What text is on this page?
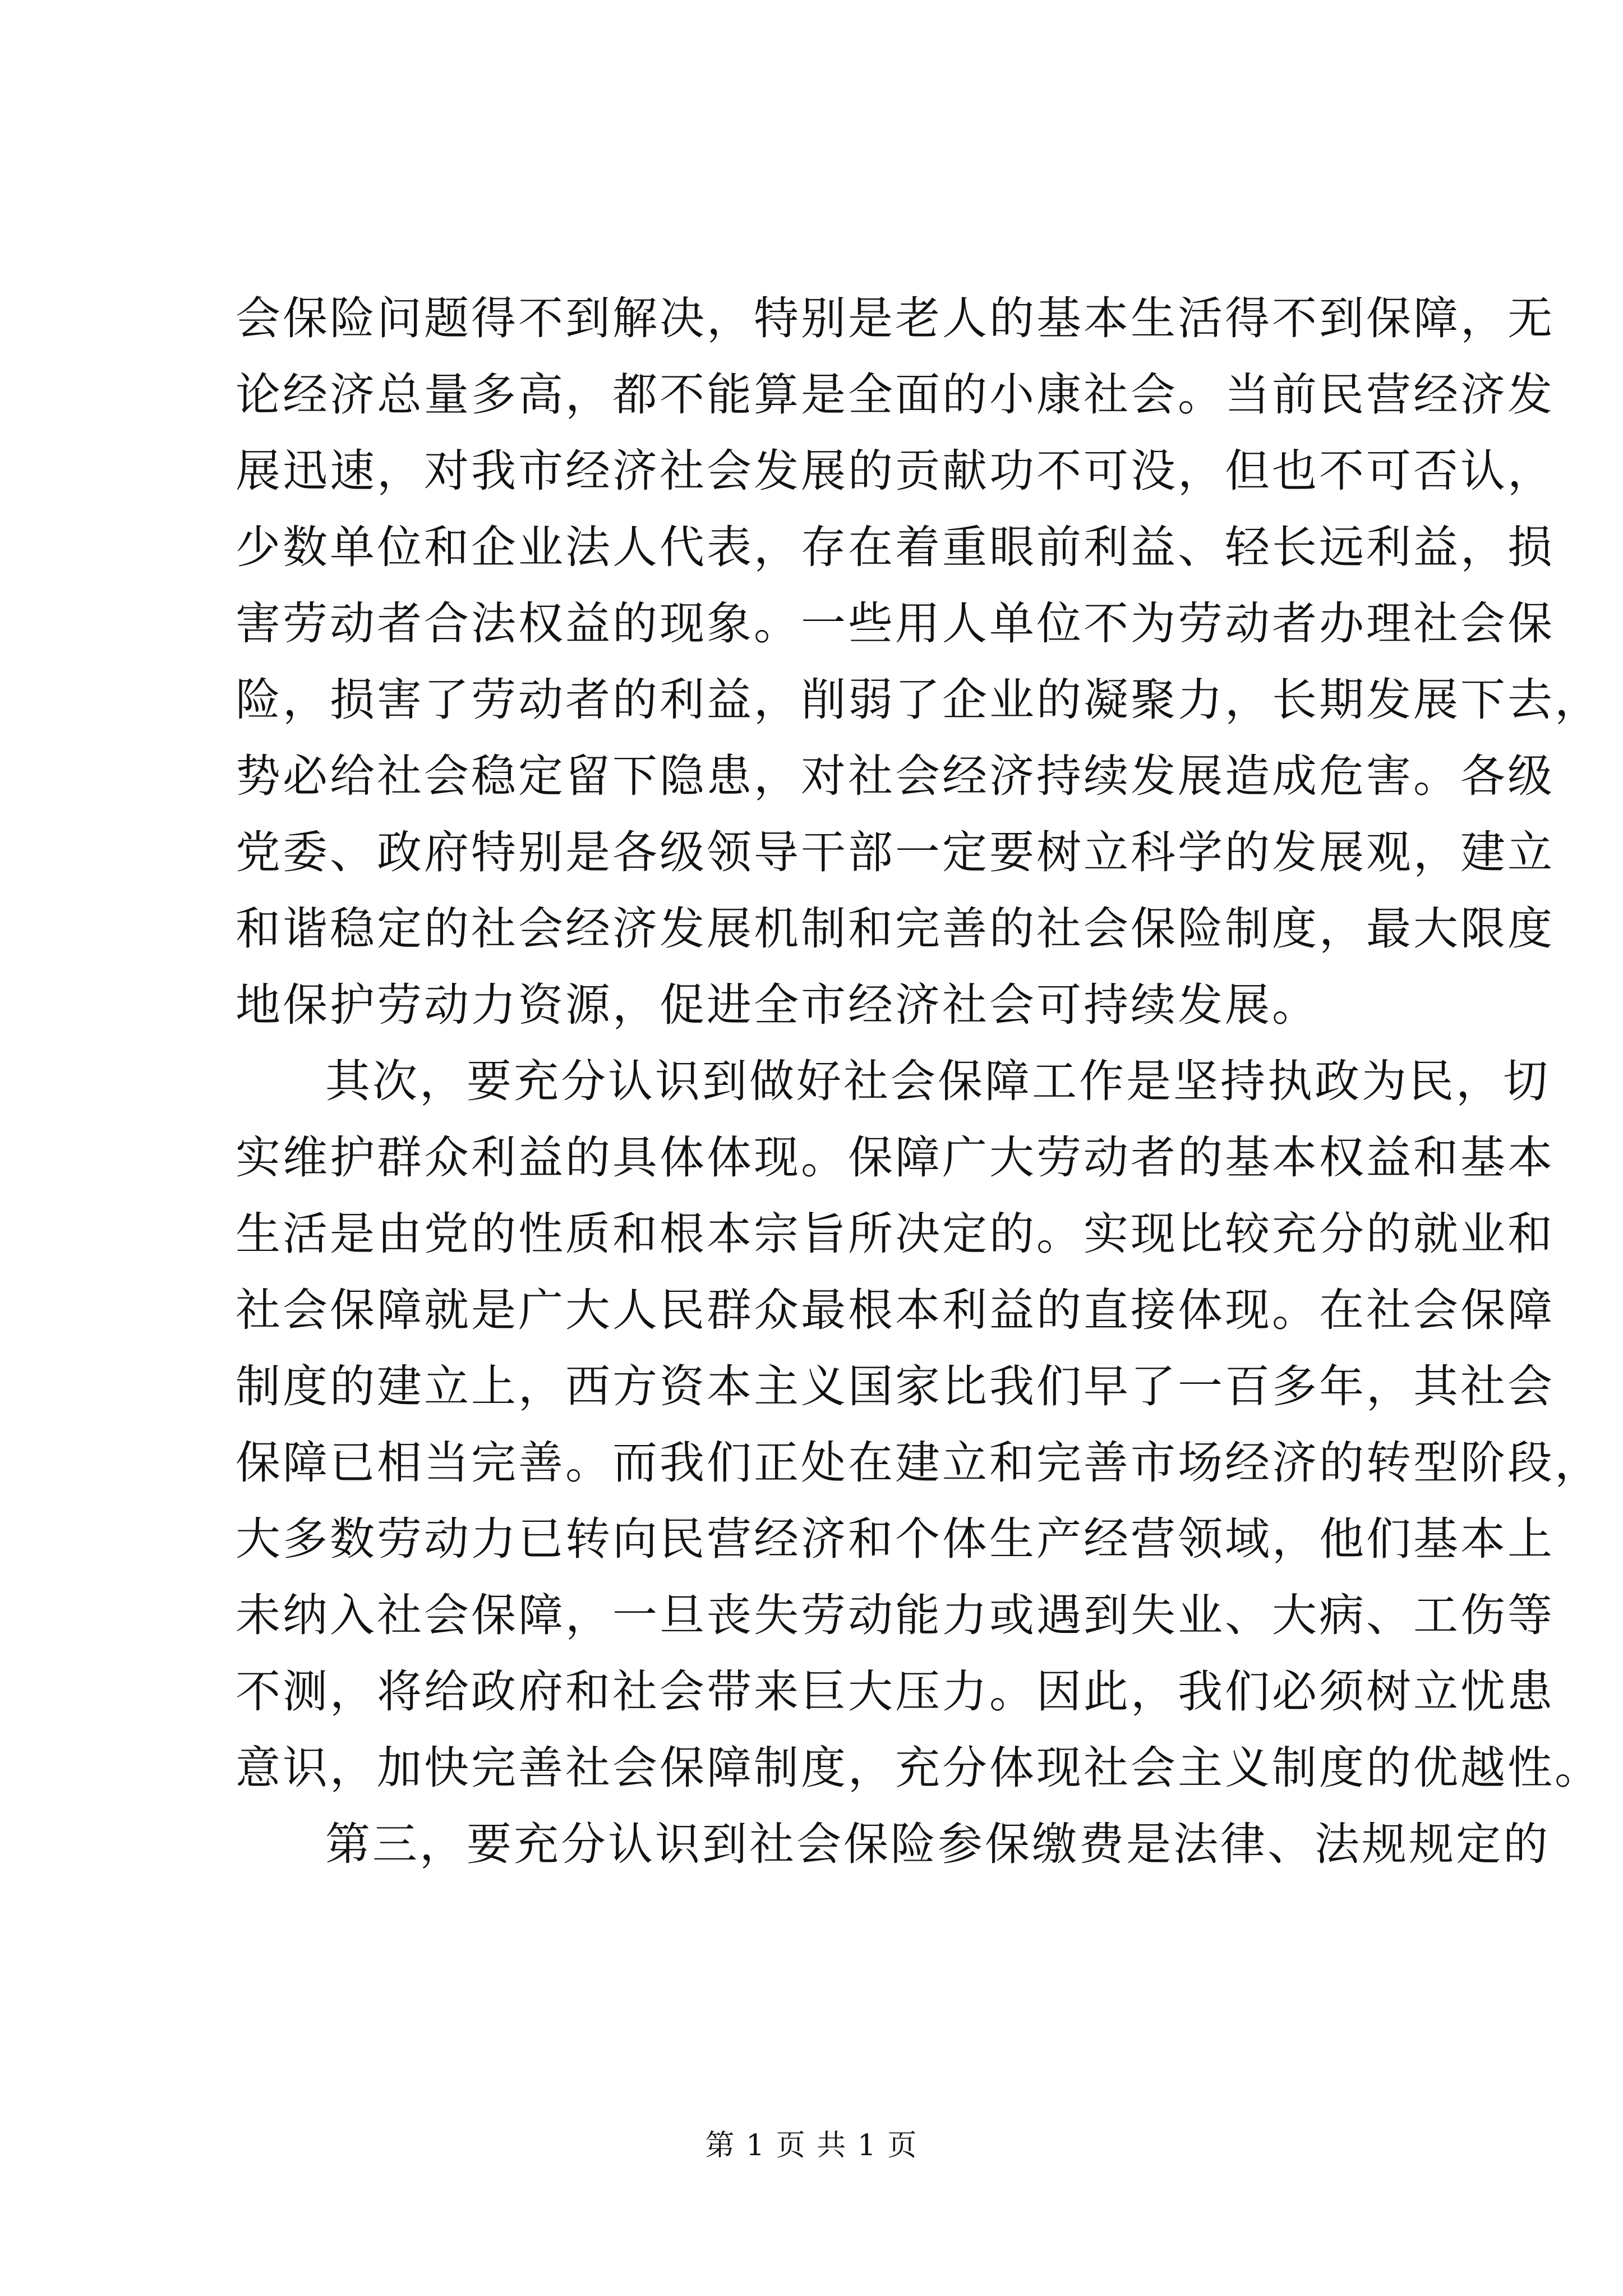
会保险问题得不到解决，特别是老人的基本生活得不到保障，无
论经济总量多高，都不能算是全面的小康社会。当前民营经济发
展迅速，对我市经济社会发展的贡献功不可没，但也不可否认，
少数单位和企业法人代表，存在着重眼前利益、轻长远利益，损
害劳动者合法权益的现象。一些用人单位不为劳动者办理社会保
险，损害了劳动者的利益，削弱了企业的凝聚力，长期发展下去，
势必给社会稳定留下隐患，对社会经济持续发展造成危害。各级
党委、政府特别是各级领导干部一定要树立科学的发展观，建立
和谐稳定的社会经济发展机制和完善的社会保险制度，最大限度
地保护劳动力资源，促进全市经济社会可持续发展。
其次，要充分认识到做好社会保障工作是坚持执政为民，切
实维护群众利益的具体体现。保障广大劳动者的基本权益和基本
生活是由党的性质和根本宗旨所决定的。实现比较充分的就业和
社会保障就是广大人民群众最根本利益的直接体现。在社会保障
制度的建立上，西方资本主义国家比我们早了一百多年，其社会
保障已相当完善。而我们正处在建立和完善市场经济的转型阶段，
大多数劳动力已转向民营经济和个体生产经营领域，他们基本上
未纳入社会保障，一旦丧失劳动能力或遇到失业、大病、工伤等
不测，将给政府和社会带来巨大压力。因此，我们必须树立忧患
意识，加快完善社会保障制度，充分体现社会主义制度的优越性。
第三，要充分认识到社会保险参保缴费是法律、法规规定的
第 1 页 共 1 页
